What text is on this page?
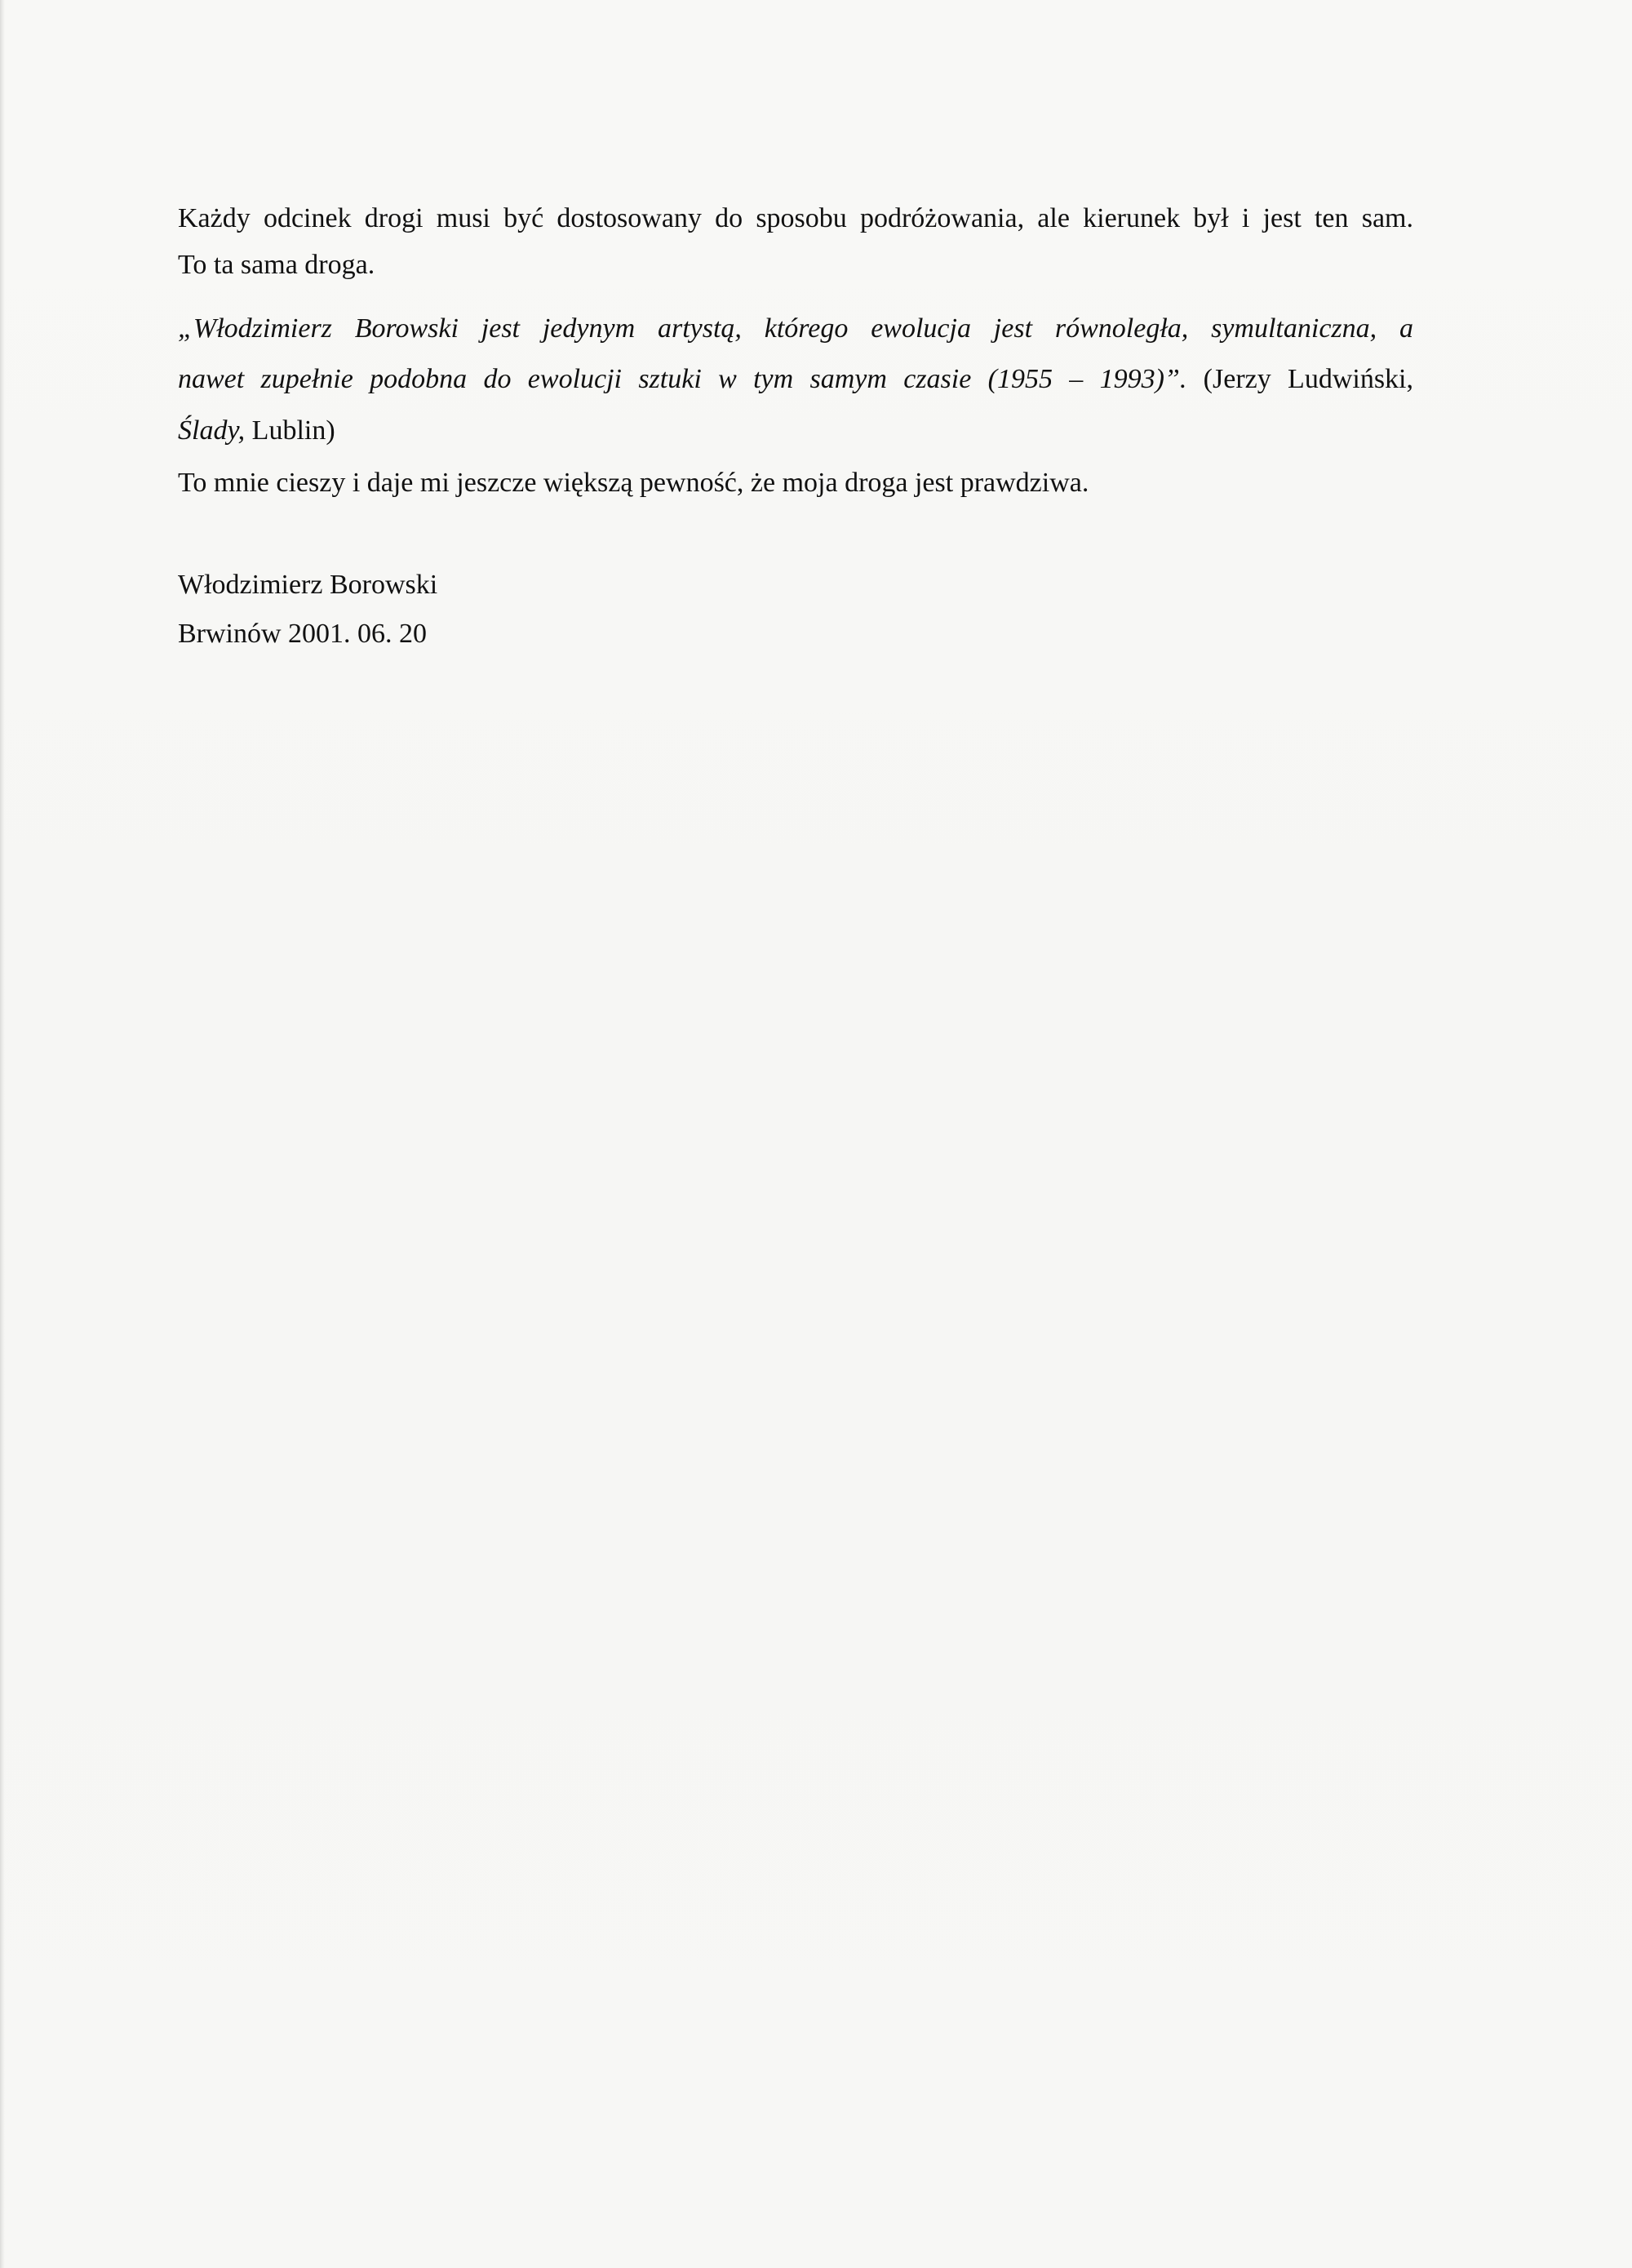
Każdy odcinek drogi musi być dostosowany do sposobu podróżowania, ale kierunek był i jest ten sam.
To ta sama droga.
„Włodzimierz Borowski jest jedynym artystą, którego ewolucja jest równoległa, symultaniczna, a
nawet zupełnie podobna do ewolucji sztuki w tym samym czasie (1955 – 1993)”. (Jerzy Ludwiński,
Ślady, Lublin)
To mnie cieszy i daje mi jeszcze większą pewność, że moja droga jest prawdziwa.
Włodzimierz Borowski
Brwinów 2001. 06. 20
